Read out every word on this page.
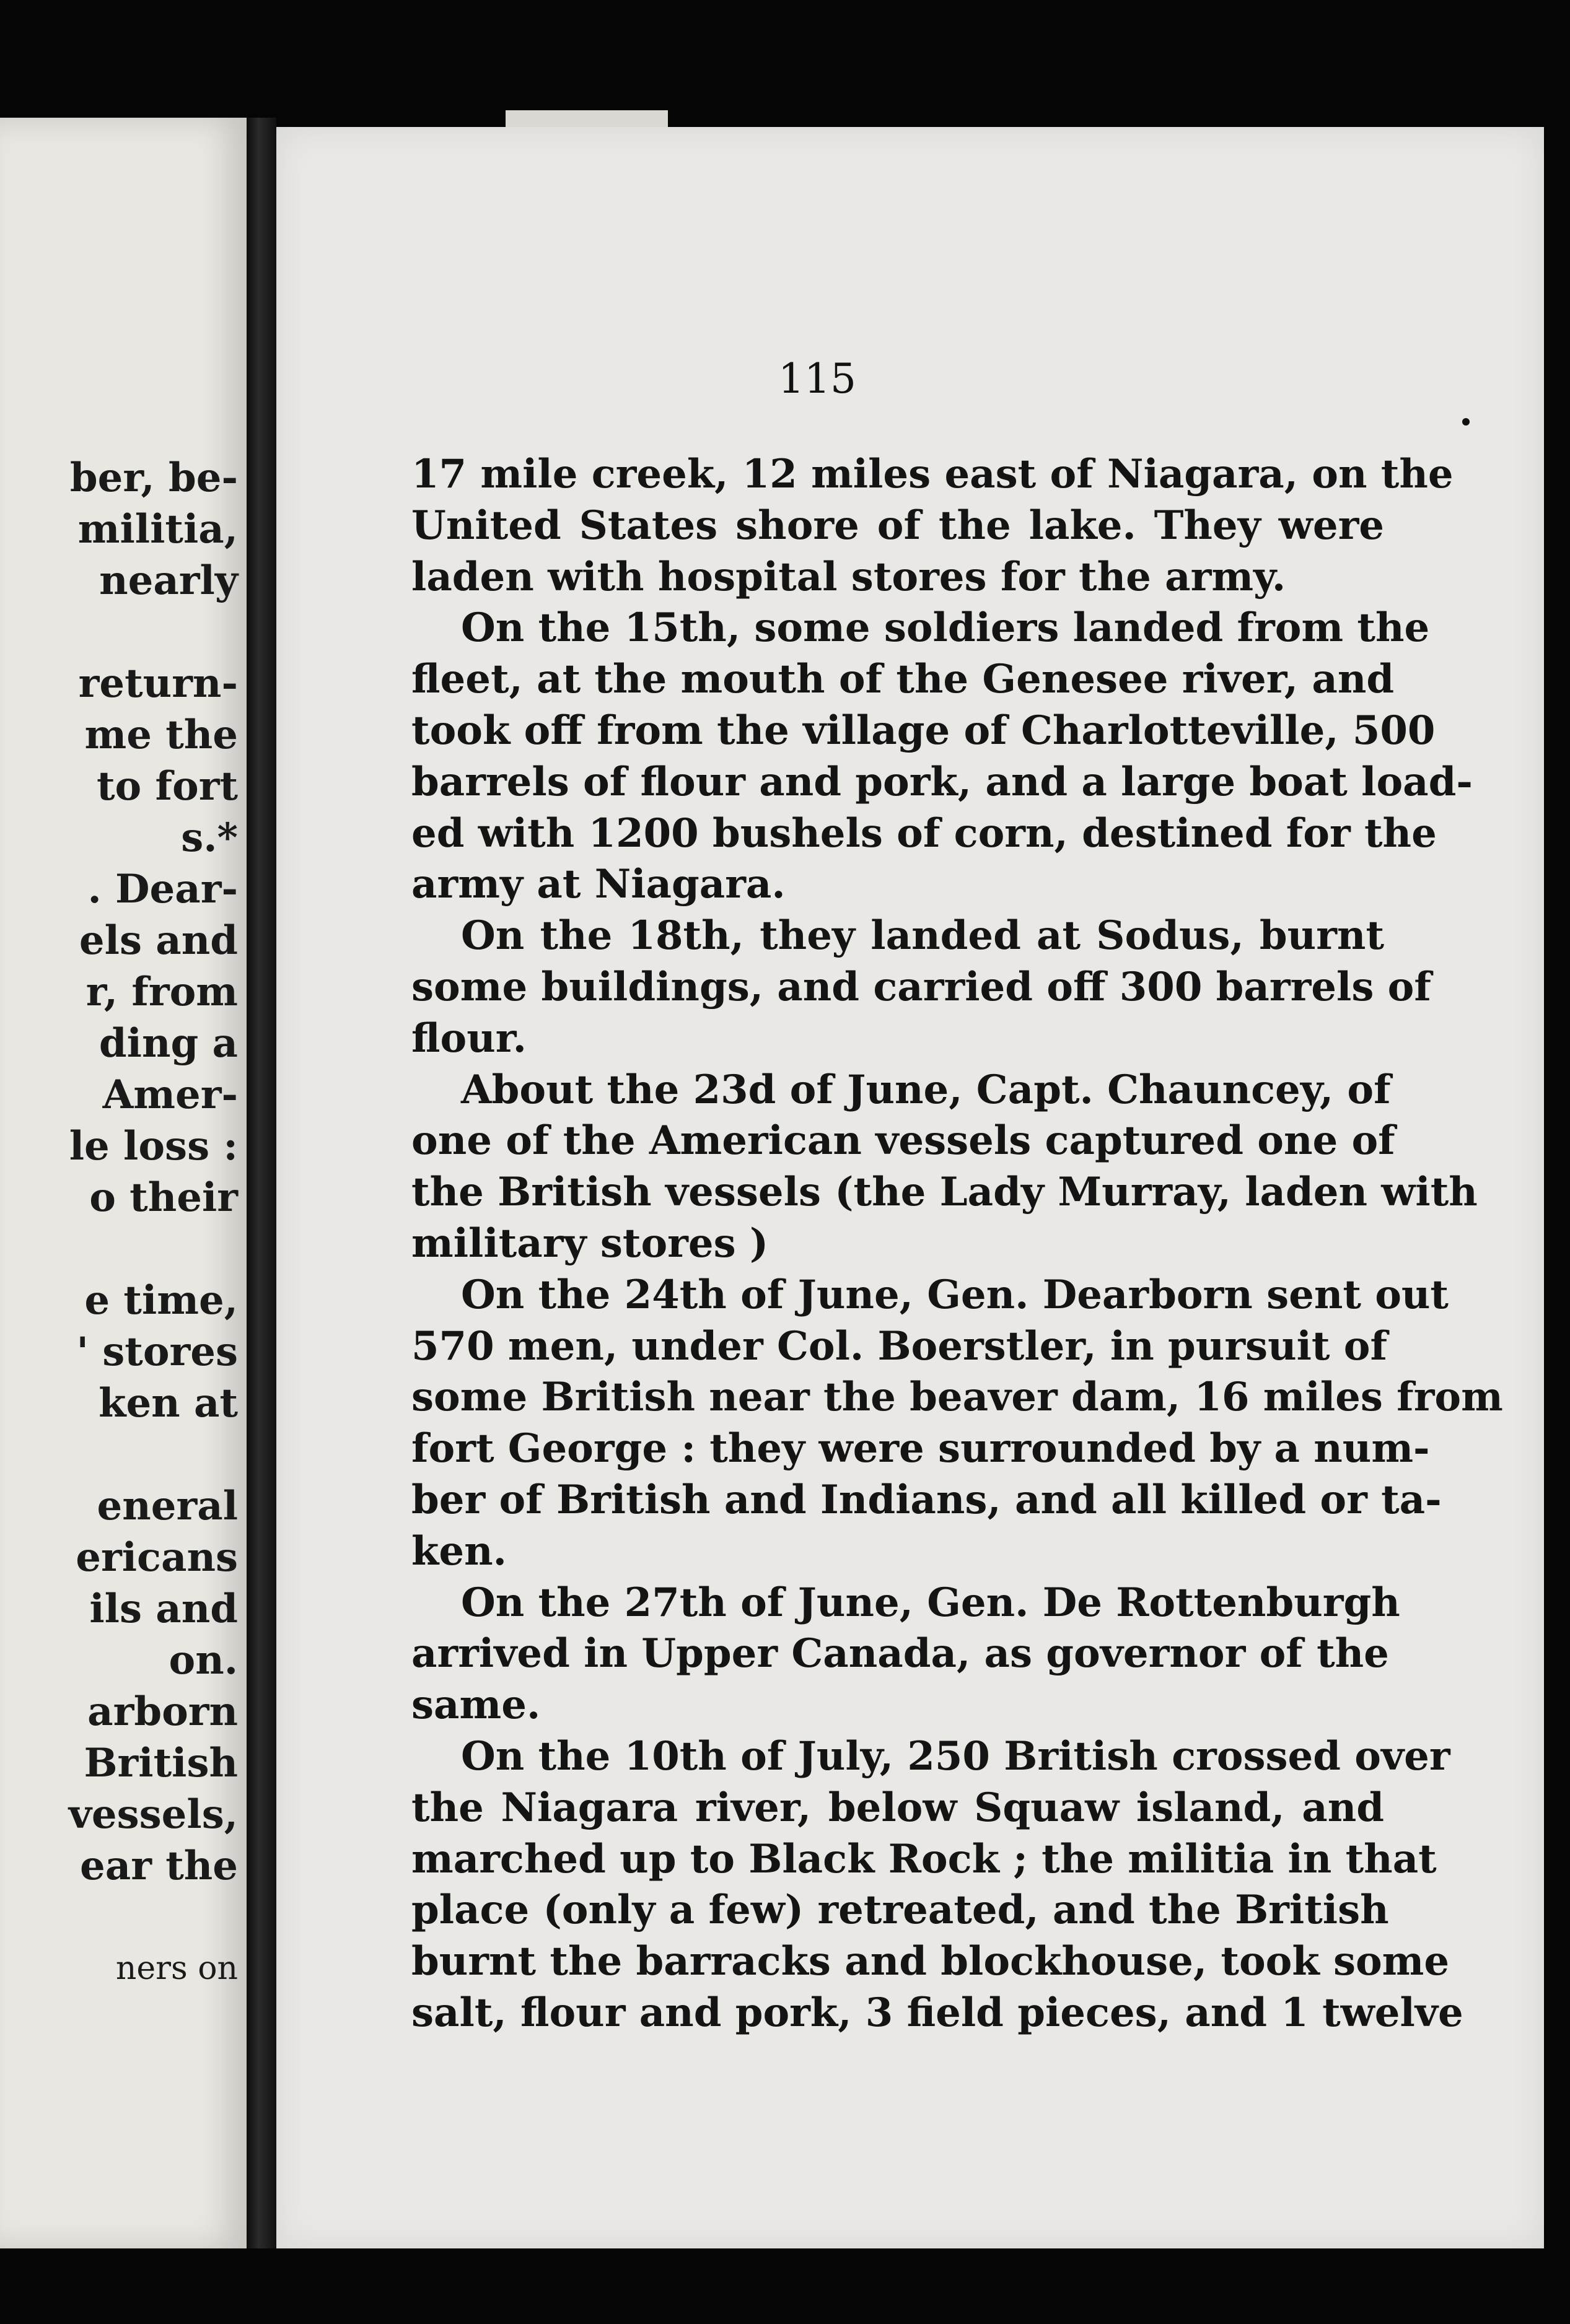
ber, be-
militia,
nearly
return-
me the
to fort
s.*
. Dear-
els and
r, from
ding a
Amer-
le loss :
o their
e time,
' stores
ken at
eneral
ericans
ils and
on.
arborn
British
vessels,
ear the
ners on
115
17 mile creek, 12 miles east of Niagara, on the
United States shore of the lake. They were
laden with hospital stores for the army.
On the 15th, some soldiers landed from the
fleet, at the mouth of the Genesee river, and
took off from the village of Charlotteville, 500
barrels of flour and pork, and a large boat load-
ed with 1200 bushels of corn, destined for the
army at Niagara.
On the 18th, they landed at Sodus, burnt
some buildings, and carried off 300 barrels of
flour.
About the 23d of June, Capt. Chauncey, of
one of the American vessels captured one of
the British vessels (the Lady Murray, laden with
military stores )
On the 24th of June, Gen. Dearborn sent out
570 men, under Col. Boerstler, in pursuit of
some British near the beaver dam, 16 miles from
fort George : they were surrounded by a num-
ber of British and Indians, and all killed or ta-
ken.
On the 27th of June, Gen. De Rottenburgh
arrived in Upper Canada, as governor of the
same.
On the 10th of July, 250 British crossed over
the Niagara river, below Squaw island, and
marched up to Black Rock ; the militia in that
place (only a few) retreated, and the British
burnt the barracks and blockhouse, took some
salt, flour and pork, 3 field pieces, and 1 twelve
